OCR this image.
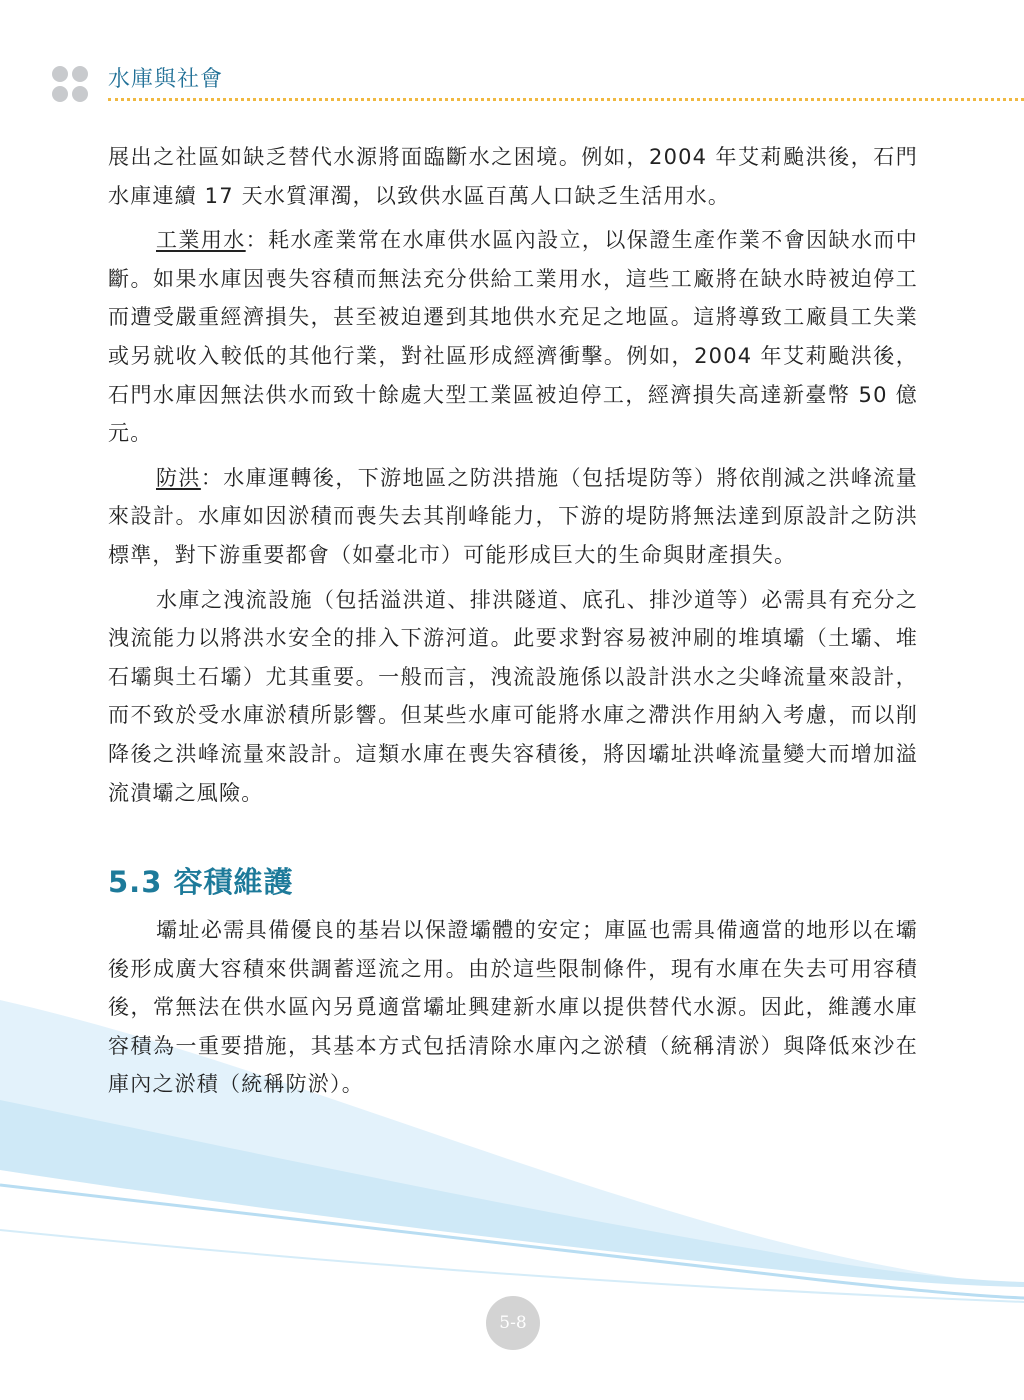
水庫與社會

展出之社區如缺乏替代水源將面臨斷水之困境。例如，2004 年艾莉颱洪後，石門水庫連續 17 天水質渾濁，以致供水區百萬人口缺乏生活用水。

工業用水：耗水產業常在水庫供水區內設立，以保證生產作業不會因缺水而中斷。如果水庫因喪失容積而無法充分供給工業用水，這些工廠將在缺水時被迫停工而遭受嚴重經濟損失，甚至被迫遷到其地供水充足之地區。這將導致工廠員工失業或另就收入較低的其他行業，對社區形成經濟衝擊。例如，2004 年艾莉颱洪後，石門水庫因無法供水而致十餘處大型工業區被迫停工，經濟損失高達新臺幣 50 億元。

防洪：水庫運轉後，下游地區之防洪措施（包括堤防等）將依削減之洪峰流量來設計。水庫如因淤積而喪失去其削峰能力，下游的堤防將無法達到原設計之防洪標準，對下游重要都會（如臺北市）可能形成巨大的生命與財產損失。

水庫之洩流設施（包括溢洪道、排洪隧道、底孔、排沙道等）必需具有充分之洩流能力以將洪水安全的排入下游河道。此要求對容易被沖刷的堆填壩（土壩、堆石壩與土石壩）尤其重要。一般而言，洩流設施係以設計洪水之尖峰流量來設計，而不致於受水庫淤積所影響。但某些水庫可能將水庫之滯洪作用納入考慮，而以削降後之洪峰流量來設計。這類水庫在喪失容積後，將因壩址洪峰流量變大而增加溢流潰壩之風險。

5.3 容積維護

壩址必需具備優良的基岩以保證壩體的安定；庫區也需具備適當的地形以在壩後形成廣大容積來供調蓄逕流之用。由於這些限制條件，現有水庫在失去可用容積後，常無法在供水區內另覓適當壩址興建新水庫以提供替代水源。因此，維護水庫容積為一重要措施，其基本方式包括清除水庫內之淤積（統稱清淤）與降低來沙在庫內之淤積（統稱防淤）。

5-8
